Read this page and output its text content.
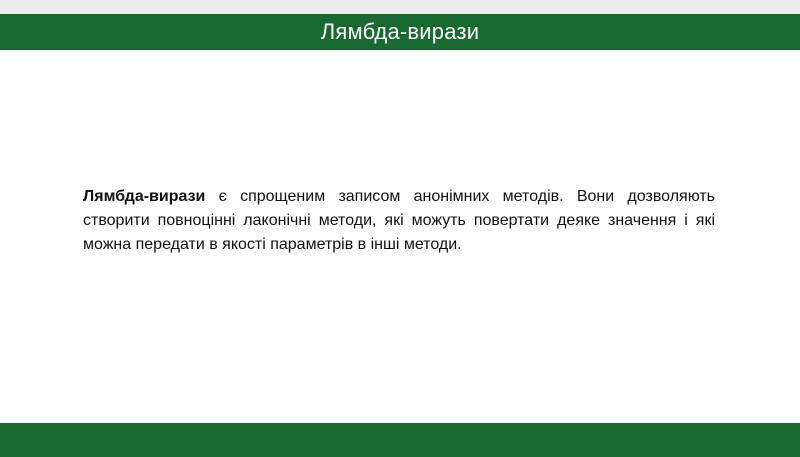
Лямбда-вирази

Лямбда-вирази є спрощеним записом анонімних методів. Вони дозволяють створити повноцінні лаконічні методи, які можуть повертати деяке значення і які можна передати в якості параметрів в інші методи.
